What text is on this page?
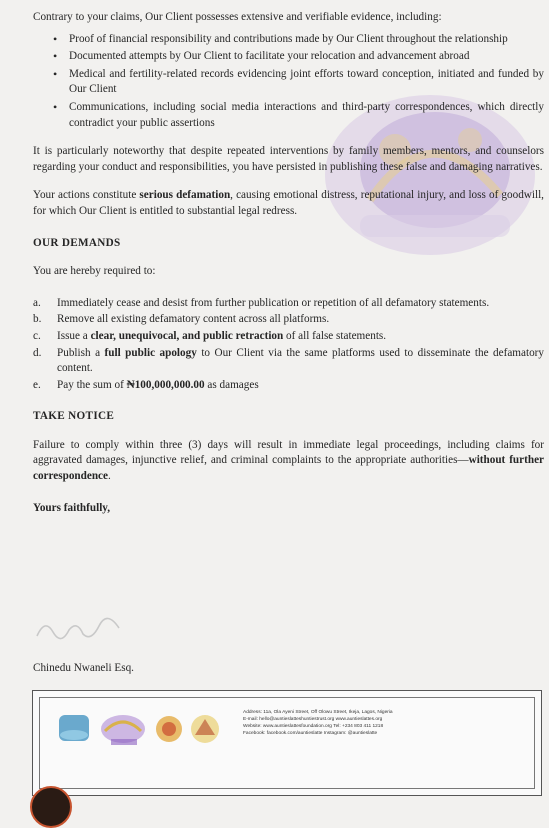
Contrary to your claims, Our Client possesses extensive and verifiable evidence, including:

• Proof of financial responsibility and contributions made by Our Client throughout the relationship
• Documented attempts by Our Client to facilitate your relocation and advancement abroad
• Medical and fertility-related records evidencing joint efforts toward conception, initiated and funded by Our Client
• Communications, including social media interactions and third-party correspondences, which directly contradict your public assertions

It is particularly noteworthy that despite repeated interventions by family members, mentors, and counselors regarding your conduct and responsibilities, you have persisted in publishing these false and damaging narratives.

Your actions constitute serious defamation, causing emotional distress, reputational injury, and loss of goodwill, for which Our Client is entitled to substantial legal redress.

OUR DEMANDS

You are hereby required to:

a. Immediately cease and desist from further publication or repetition of all defamatory statements.
b. Remove all existing defamatory content across all platforms.
c. Issue a clear, unequivocal, and public retraction of all false statements.
d. Publish a full public apology to Our Client via the same platforms used to disseminate the defamatory content.
e. Pay the sum of ₦100,000,000.00 as damages

TAKE NOTICE

Failure to comply within three (3) days will result in immediate legal proceedings, including claims for aggravated damages, injunctive relief, and criminal complaints to the appropriate authorities—without further correspondence.

Yours faithfully,

Chinedu Nwaneli Esq.
Address: 11a, Ola Ayeni Street, Off Olowu Street, Ikeja, Lagos, Nigeria
E-mail: hello@auntieslatteshuntiestrust.org www.auntieslattes.org
Website: www.auntieslattesfoundation.org Tel: +234 803 411 1218
Facebook: facebook.com/auntieslatte Instagram: @auntieslatte
